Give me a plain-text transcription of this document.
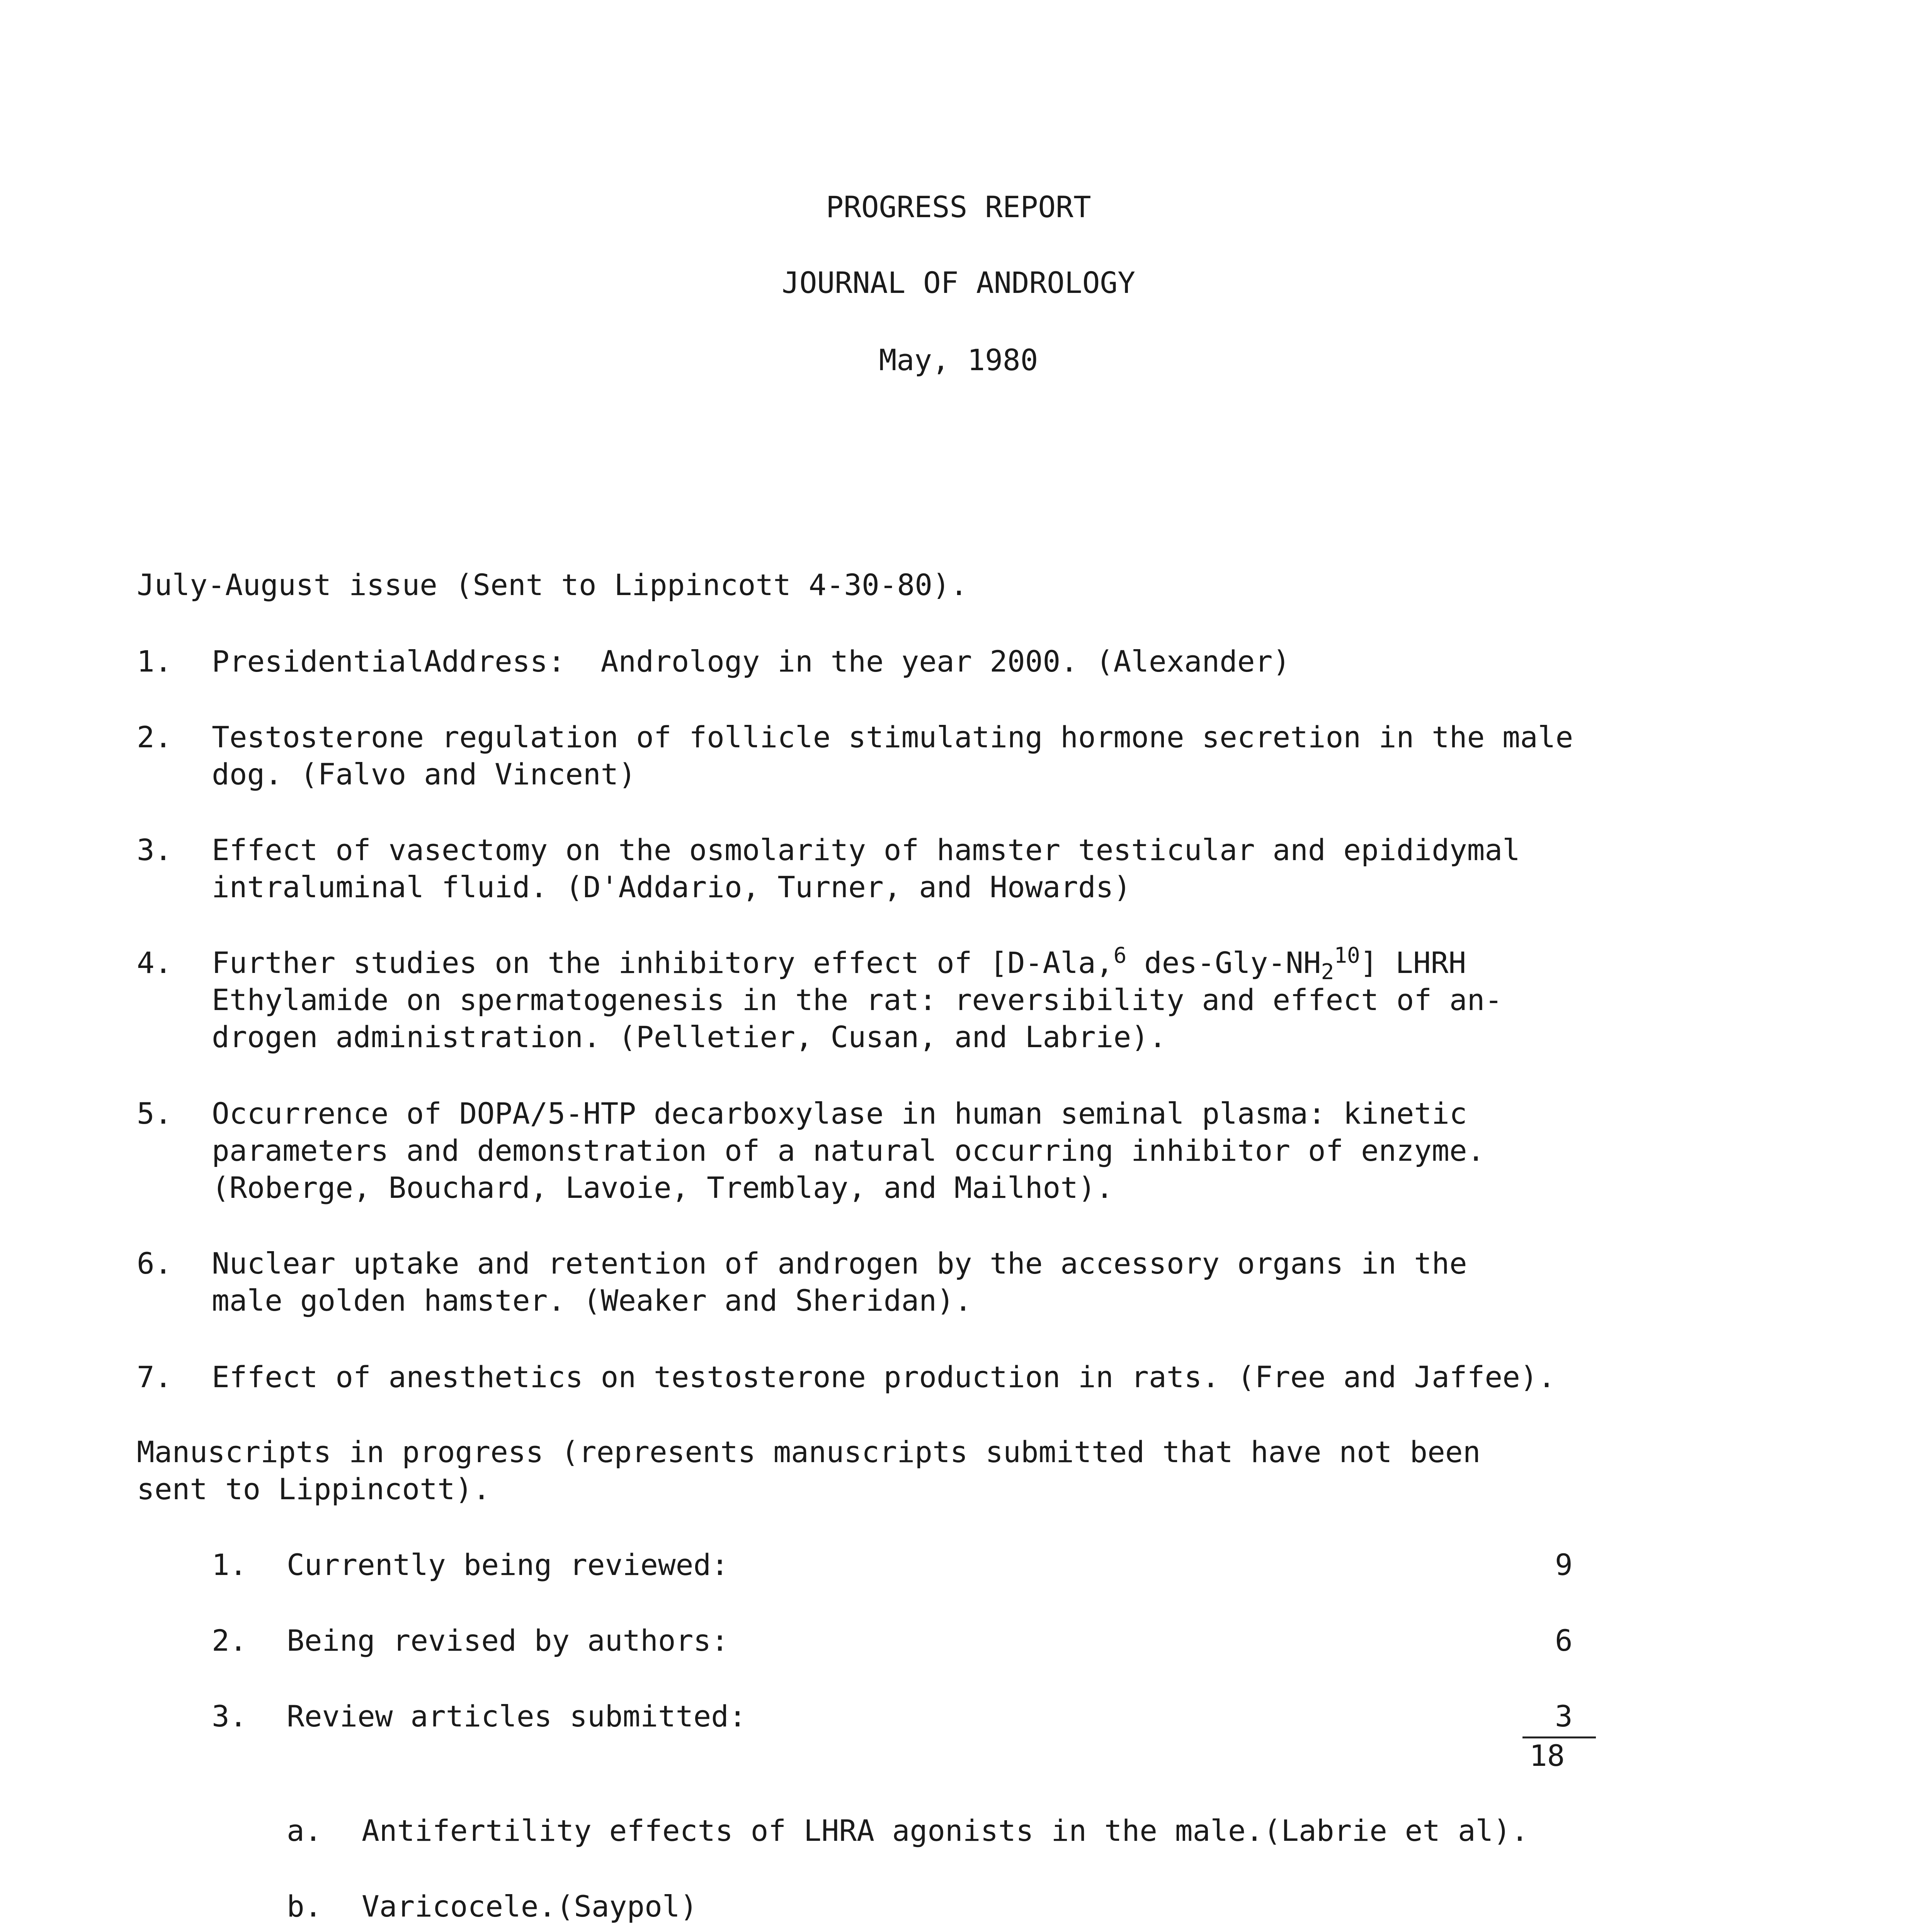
PROGRESS REPORT
JOURNAL OF ANDROLOGY
May, 1980
July-August issue (Sent to Lippincott 4-30-80).
1. PresidentialAddress:  Andrology in the year 2000. (Alexander)
2. Testosterone regulation of follicle stimulating hormone secretion in the male
dog. (Falvo and Vincent)
3. Effect of vasectomy on the osmolarity of hamster testicular and epididymal
intraluminal fluid. (D'Addario, Turner, and Howards)
4. Further studies on the inhibitory effect of [D-Ala,$^6$ des-$Gly-NH_2^{10}$] LHRH
Ethylamide on spermatogenesis in the rat: reversibility and effect of an-
drogen administration. (Pelletier, Cusan, and Labrie).
5. Occurrence of DOPA/5-HTP decarboxylase in human seminal plasma: kinetic
parameters and demonstration of a natural occurring inhibitor of enzyme.
(Roberge, Bouchard, Lavoie, Tremblay, and Mailhot).
6. Nuclear uptake and retention of androgen by the accessory organs in the
male golden hamster. (Weaker and Sheridan).
7. Effect of anesthetics on testosterone production in rats. (Free and Jaffee).
Manuscripts in progress (represents manuscripts submitted that have not been
sent to Lippincott).
1. Currently being reviewed:	9
2. Being revised by authors:	6
3. Review articles submitted:	3
18
a. Antifertility effects of LHRA agonists in the male.(Labrie et al).
b. Varicocele.(Saypol)
